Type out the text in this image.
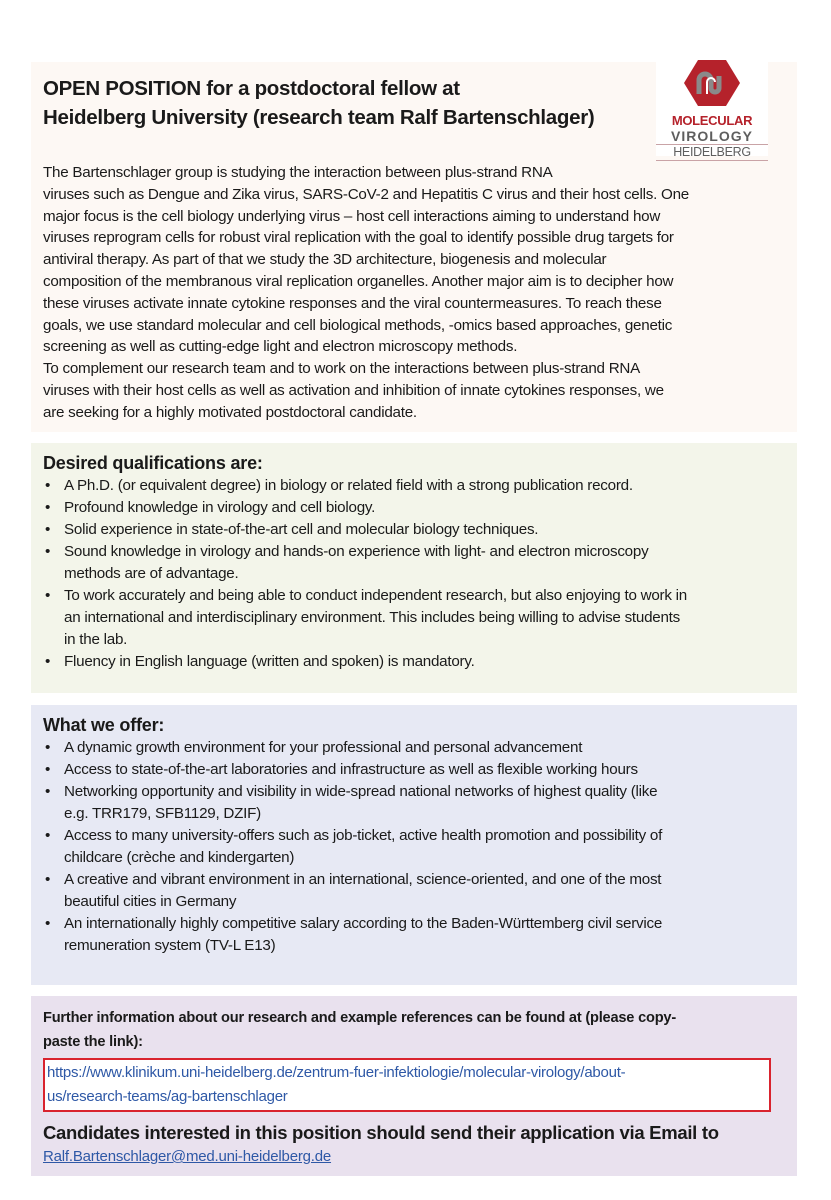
OPEN POSITION for a postdoctoral fellow at
Heidelberg University (research team Ralf Bartenschlager)	MOLECULAR
VIROLOGY
HEIDELBERG
The Bartenschlager group is studying the interaction between plus-strand RNA
viruses such as Dengue and Zika virus, SARS-CoV-2 and Hepatitis C virus and their host cells. One
major focus is the cell biology underlying virus – host cell interactions aiming to understand how
viruses reprogram cells for robust viral replication with the goal to identify possible drug targets for
antiviral therapy. As part of that we study the 3D architecture, biogenesis and molecular
composition of the membranous viral replication organelles. Another major aim is to decipher how
these viruses activate innate cytokine responses and the viral countermeasures. To reach these
goals, we use standard molecular and cell biological methods, -omics based approaches, genetic
screening as well as cutting-edge light and electron microscopy methods.
To complement our research team and to work on the interactions between plus-strand RNA
viruses with their host cells as well as activation and inhibition of innate cytokines responses, we
are seeking for a highly motivated postdoctoral candidate.
Desired qualifications are:
• A Ph.D. (or equivalent degree) in biology or related field with a strong publication record.
• Profound knowledge in virology and cell biology.
• Solid experience in state-of-the-art cell and molecular biology techniques.
• Sound knowledge in virology and hands-on experience with light- and electron microscopy
methods are of advantage.
• To work accurately and being able to conduct independent research, but also enjoying to work in
an international and interdisciplinary environment. This includes being willing to advise students
in the lab.
• Fluency in English language (written and spoken) is mandatory.
What we offer:
• A dynamic growth environment for your professional and personal advancement
• Access to state-of-the-art laboratories and infrastructure as well as flexible working hours
• Networking opportunity and visibility in wide-spread national networks of highest quality (like
e.g. TRR179, SFB1129, DZIF)
• Access to many university-offers such as job-ticket, active health promotion and possibility of
childcare (crèche and kindergarten)
• A creative and vibrant environment in an international, science-oriented, and one of the most
beautiful cities in Germany
• An internationally highly competitive salary according to the Baden-Württemberg civil service
remuneration system (TV-L E13)
Further information about our research and example references can be found at (please copy-
paste the link):
https://www.klinikum.uni-heidelberg.de/zentrum-fuer-infektiologie/molecular-virology/about-
us/research-teams/ag-bartenschlager
Candidates interested in this position should send their application via Email to
Ralf.Bartenschlager@med.uni-heidelberg.de
